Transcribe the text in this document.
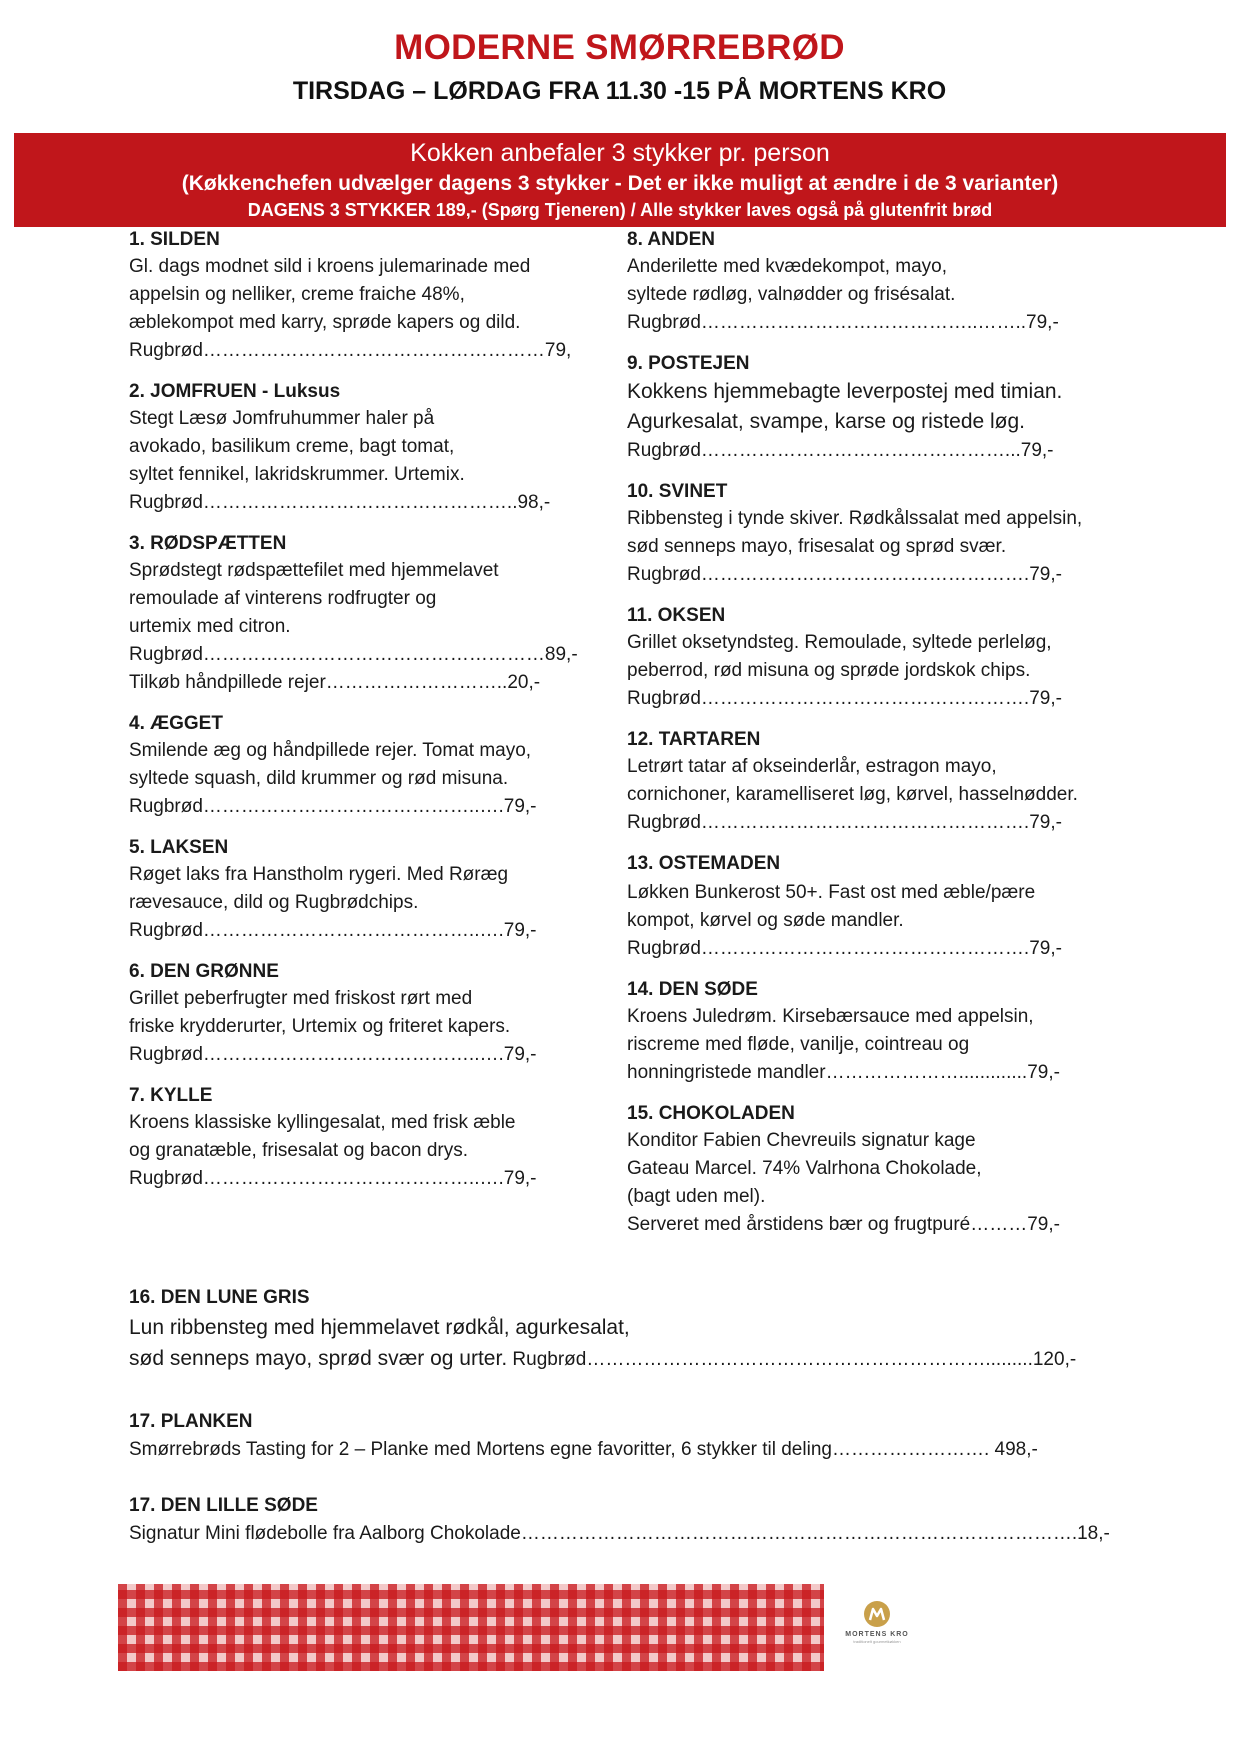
MODERNE SMØRREBRØD
TIRSDAG – LØRDAG FRA 11.30 -15 PÅ MORTENS KRO
Kokken anbefaler 3 stykker pr. person
(Køkkenchefen udvælger dagens 3 stykker - Det er ikke muligt at ændre i de 3 varianter)
DAGENS 3 STYKKER 189,- (Spørg Tjeneren) / Alle stykker laves også på glutenfrit brød
1. SILDEN
Gl. dags modnet sild i kroens julemarinade med
appelsin og nelliker, creme fraiche 48%,
æblekompot med karry, sprøde kapers og dild.
Rugbrød………………………………………………79,
2. JOMFRUEN - Luksus
Stegt Læsø Jomfruhummer haler på
avokado, basilikum creme, bagt tomat,
syltet fennikel, lakridskrummer. Urtemix.
Rugbrød…………………………………………..98,-
3. RØDSPÆTTEN
Sprødstegt rødspættefilet med hjemmelavet
remoulade af vinterens rodfrugter og
urtemix med citron.
Rugbrød………………………………………………89,-
Tilkøb håndpillede rejer………………………..20,-
4. ÆGGET
Smilende æg og håndpillede rejer. Tomat mayo,
syltede squash, dild krummer og rød misuna.
Rugbrød……………………………………..….79,-
5. LAKSEN
Røget laks fra Hanstholm rygeri. Med Røræg
rævesauce, dild og Rugbrødchips.
Rugbrød……………………………………..….79,-
6. DEN GRØNNE
Grillet peberfrugter med friskost rørt med
friske krydderurter, Urtemix og friteret kapers.
Rugbrød……………………………………..….79,-
7. KYLLE
Kroens klassiske kyllingesalat, med frisk æble
og granatæble, frisesalat og bacon drys.
Rugbrød……………………………………..….79,-
8. ANDEN
Anderilette med kvædekompot, mayo,
syltede rødløg, valnødder og frisésalat.
Rugbrød……………………………………..……..79,-
9. POSTEJEN
Kokkens hjemmebagte leverpostej med timian.
Agurkesalat, svampe, karse og ristede løg.
Rugbrød…………………………………………...79,-
10. SVINET
Ribbensteg i tynde skiver. Rødkålssalat med appelsin,
sød senneps mayo, frisesalat og sprød svær.
Rugbrød…………………………………………….79,-
11. OKSEN
Grillet oksetyndsteg. Remoulade, syltede perleløg,
peberrod, rød misuna og sprøde jordskok chips.
Rugbrød…………………………………………….79,-
12. TARTAREN
Letrørt tatar af okseinderlår, estragon mayo,
cornichoner, karamelliseret løg, kørvel, hasselnødder.
Rugbrød…………………………………………….79,-
13. OSTEMADEN
Løkken Bunkerost 50+. Fast ost med æble/pære
kompot, kørvel og søde mandler.
Rugbrød…………………………………………….79,-
14. DEN SØDE
Kroens Juledrøm. Kirsebærsauce med appelsin,
riscreme med fløde, vanilje, cointreau og
honningristede mandler………………….............79,-
15. CHOKOLADEN
Konditor Fabien Chevreuils signatur kage
Gateau Marcel. 74% Valrhona Chokolade,
(bagt uden mel).
Serveret med årstidens bær og frugtpuré………79,-
16. DEN LUNE GRIS
Lun ribbensteg med hjemmelavet rødkål, agurkesalat,
sød senneps mayo, sprød svær og urter. Rugbrød……………………………………………………….........120,-
17. PLANKEN
Smørrebrøds Tasting for 2 – Planke med Mortens egne favoritter, 6 stykker til deling……………………. 498,-
17. DEN LILLE SØDE
Signatur Mini flødebolle fra Aalborg Chokolade…………………………………………………………………………….18,-
MORTENS KRO
traditionelt gourmetkøkken
